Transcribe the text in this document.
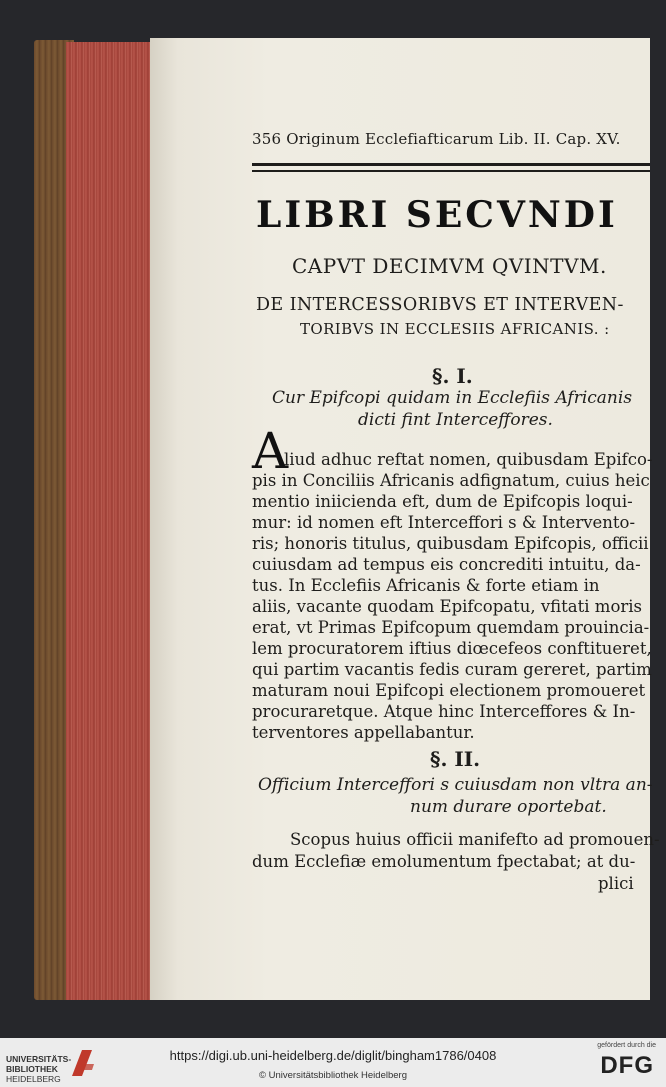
356 Originum Ecclefiafticarum Lib. II. Cap. XV.
LIBRI SECVNDI
CAPVT DECIMVM QVINTVM.
DE INTERCESSORIBVS ET INTERVEN-
TORIBVS IN ECCLESIIS AFRICANIS. :
§. I.
Cur Epifcopi quidam in Ecclefiis Africanis
dicti fint Interceffores.
A
liud adhuc reftat nomen, quibusdam Epifco-
pis in Conciliis Africanis adfignatum, cuius heic
mentio iniicienda eft, dum de Epifcopis loqui-
mur: id nomen eft Interceffori s & Intervento-
ris; honoris titulus, quibusdam Epifcopis, officii
cuiusdam ad tempus eis concrediti intuitu, da-
tus. In Ecclefiis Africanis & forte etiam in
aliis, vacante quodam Epifcopatu, vfitati moris
erat, vt Primas Epifcopum quemdam prouincia-
lem procuratorem iftius diœcefeos conftitueret,
qui partim vacantis fedis curam gereret, partim
maturam noui Epifcopi electionem promoueret
procuraretque. Atque hinc Interceffores & In-
terventores appellabantur.
§. II.
Officium Interceffori s cuiusdam non vltra an-
num durare oportebat.
Scopus huius officii manifefto ad promouen-
dum Ecclefiæ emolumentum fpectabat; at du-
plici
UNIVERSITÄTS-
BIBLIOTHEK
HEIDELBERG
https://digi.ub.uni-heidelberg.de/diglit/bingham1786/0408
© Universitätsbibliothek Heidelberg
gefördert durch die
DFG
